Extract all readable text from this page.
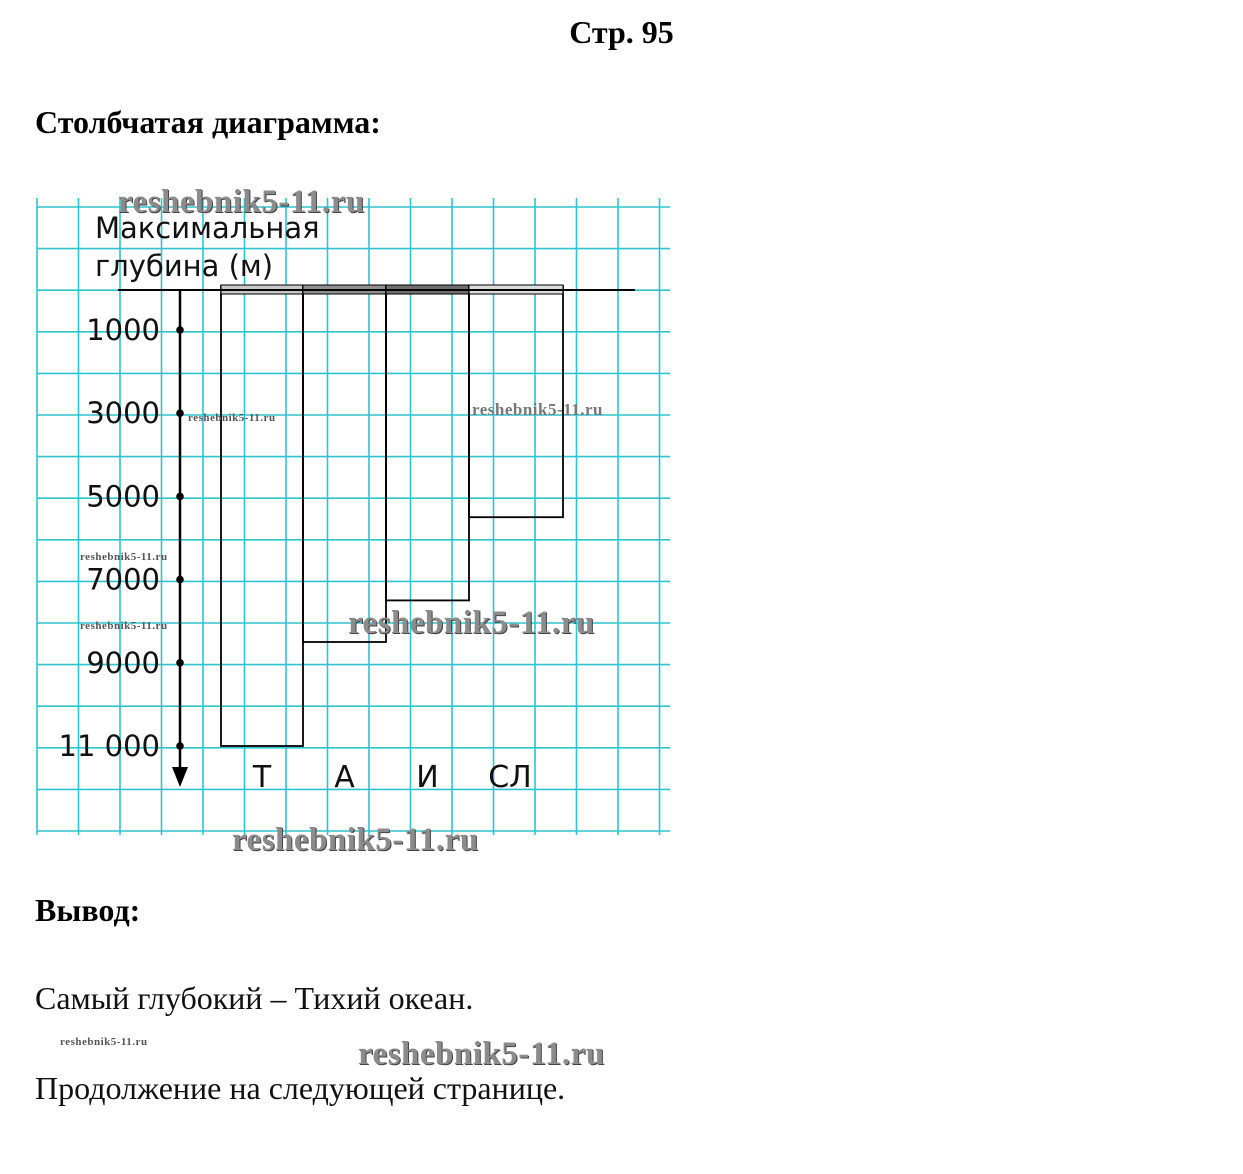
Стр. 95
Столбчатая диаграмма:
1000
3000
5000
7000
9000
11 000
Т А И СЛ
Максимальная
глубина (м)
reshebnik5-11.ru
reshebnik5-11.ru	reshebnik5-11.ru
reshebnik5-11.ru
reshebnik5-11.ru	reshebnik5-11.ru
reshebnik5-11.ru
Вывод:
Самый глубокий – Тихий океан.
reshebnik5-11.ru	reshebnik5-11.ru
Продолжение на следующей странице.
